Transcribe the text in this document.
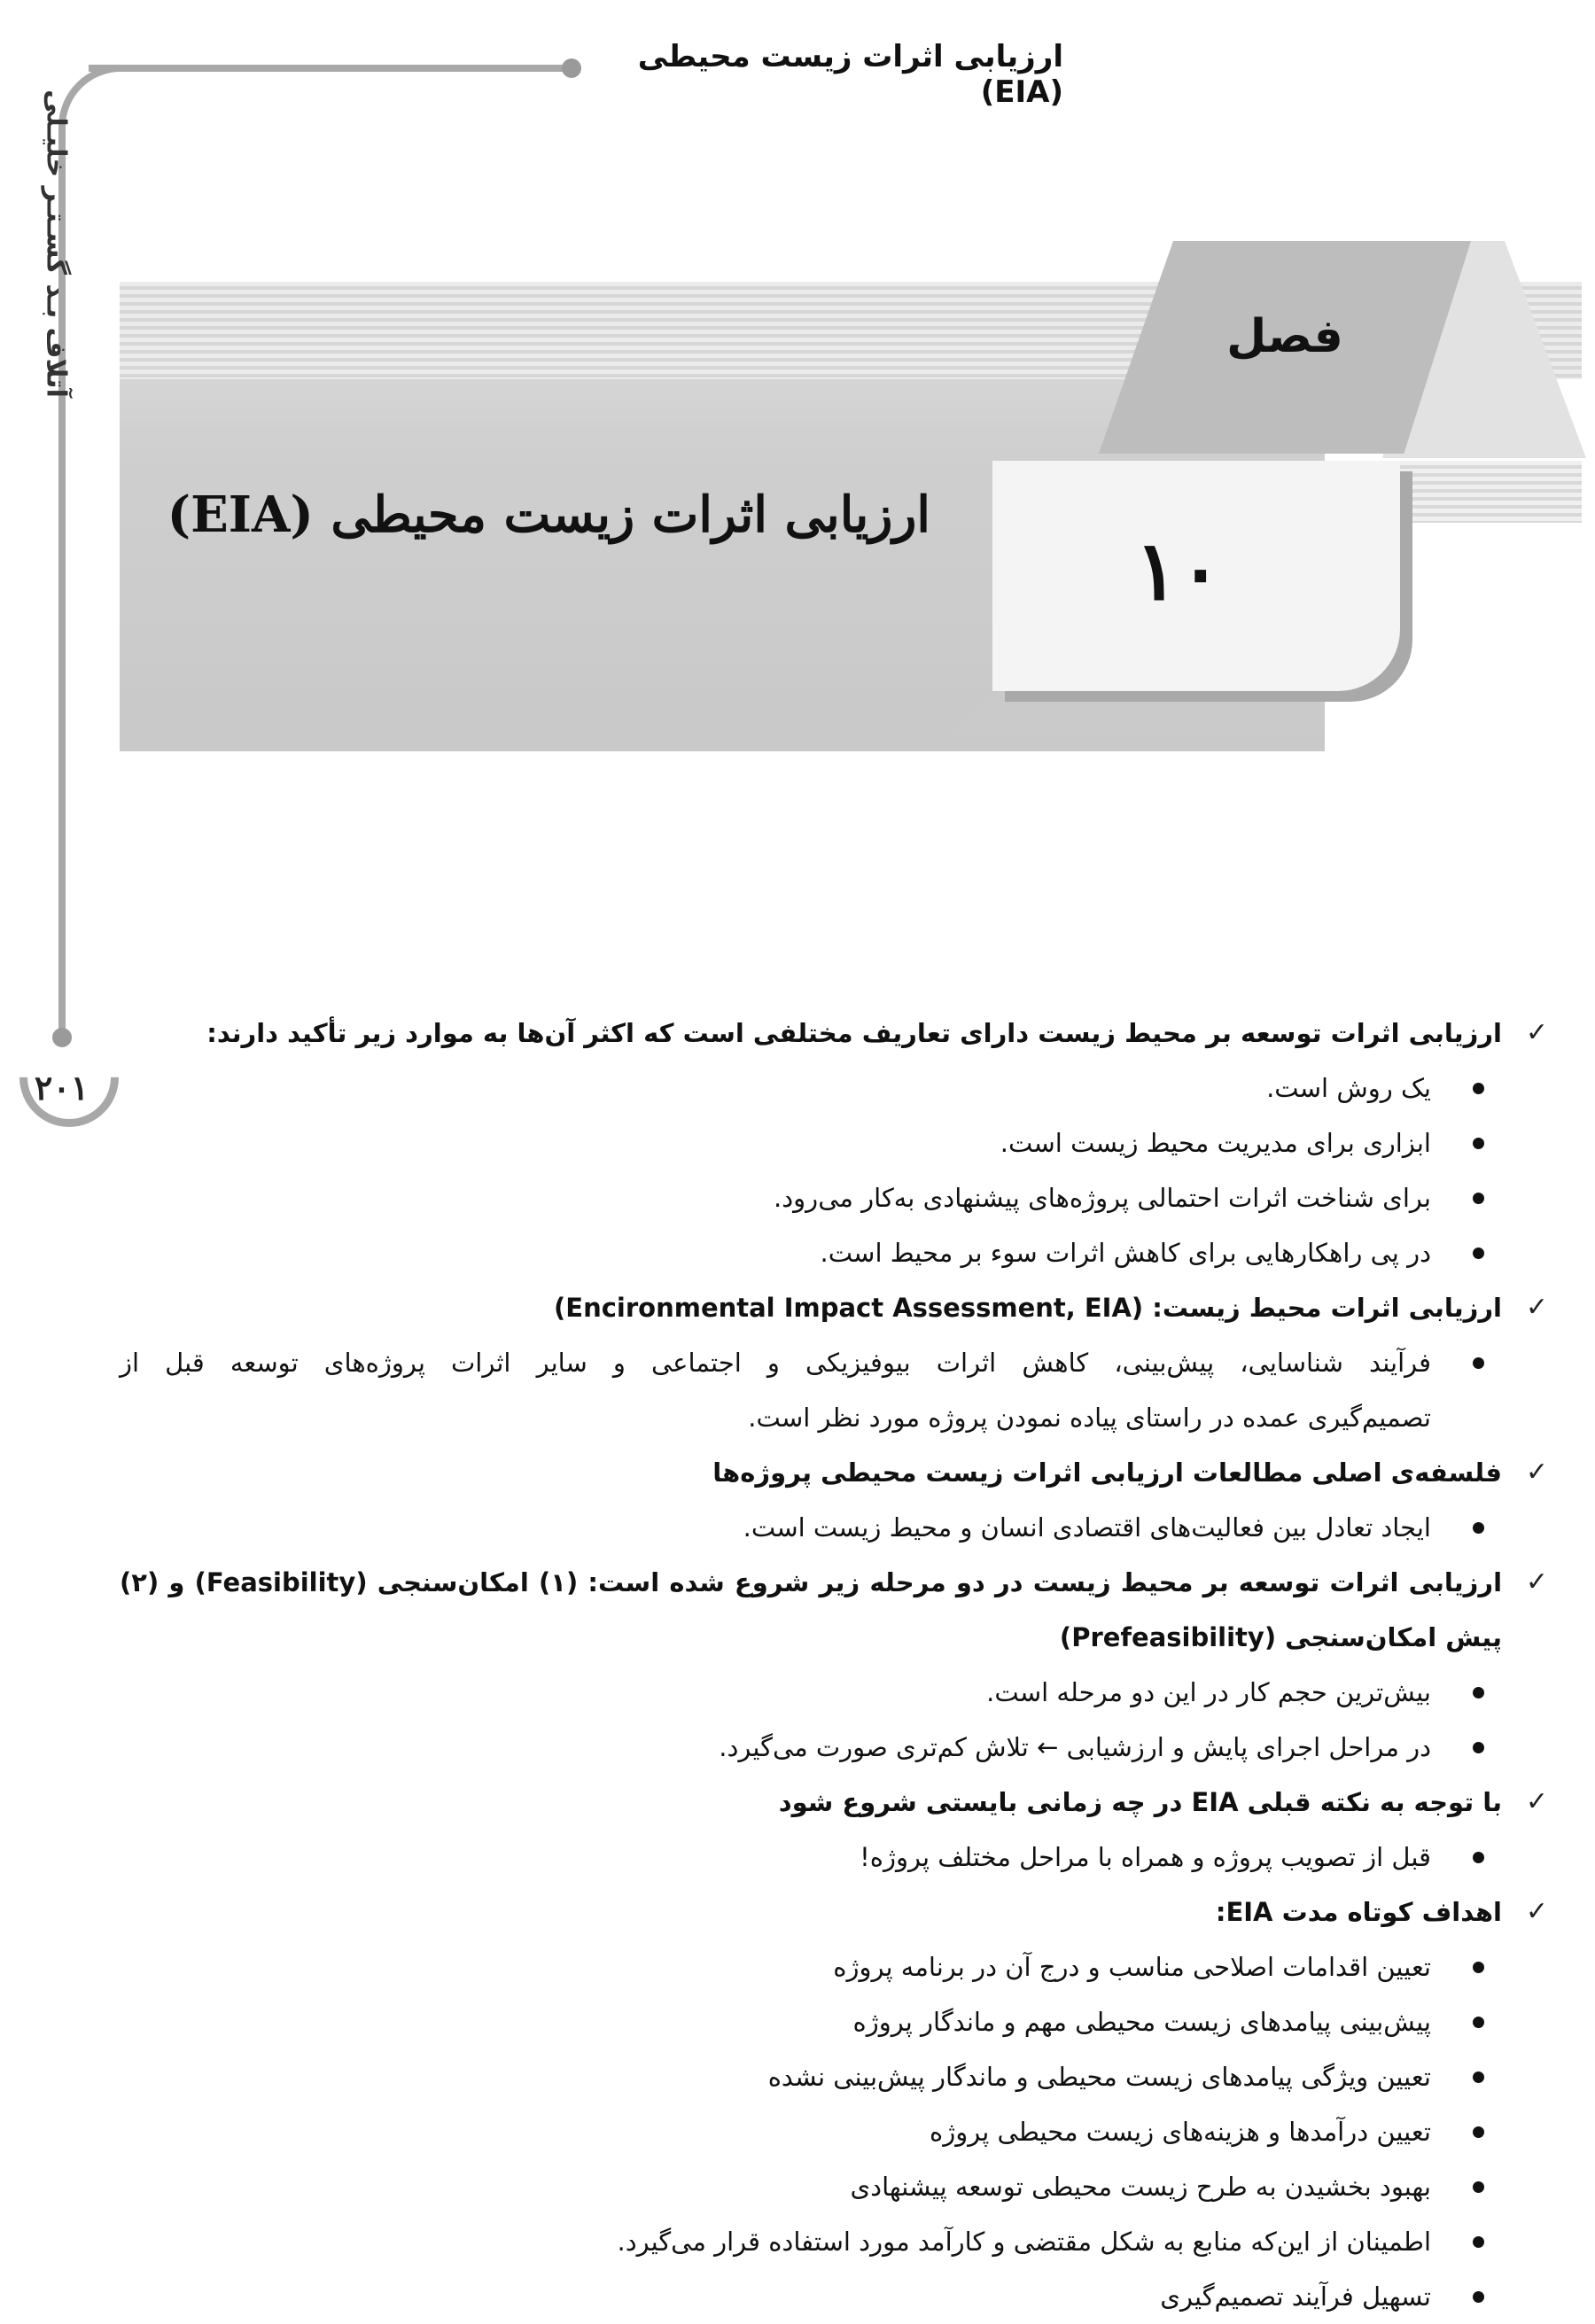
۲۰۱
آتلاف بـد گسـتـر خلیـلی
ارزیابی اثرات زیست محیطی (EIA)
فصل
۱۰
ارزیابی اثرات زیست محیطی (EIA)
✓
ارزیابی اثرات توسعه بر محیط زیست دارای تعاریف مختلفی است که اکثر آن‌ها به موارد زیر تأکید دارند:
یک روش است.
ابزاری برای مدیریت محیط زیست است.
برای شناخت اثرات احتمالی پروژه‌های پیشنهادی به‌کار می‌رود.
در پی راهکارهایی برای کاهش اثرات سوء بر محیط است.
✓
ارزیابی اثرات محیط زیست: (Encironmental Impact Assessment, EIA)
فرآیند شناسایی، پیش‌بینی، کاهش اثرات بیوفیزیکی و اجتماعی و سایر اثرات پروژه‌های توسعه قبل از
تصمیم‌گیری عمده در راستای پیاده نمودن پروژه مورد نظر است.
✓
فلسفه‌ی اصلی مطالعات ارزیابی اثرات زیست محیطی پروژه‌ها
ایجاد تعادل بین فعالیت‌های اقتصادی انسان و محیط زیست است.
✓
ارزیابی اثرات توسعه بر محیط زیست در دو مرحله زیر شروع شده است: (۱) امکان‌سنجی (Feasibility) و (۲)
پیش امکان‌سنجی (Prefeasibility)
بیش‌ترین حجم کار در این دو مرحله است.
در مراحل اجرای پایش و ارزشیابی ← تلاش کم‌تری صورت می‌گیرد.
✓
با توجه به نکته قبلی EIA در چه زمانی بایستی شروع شود
قبل از تصویب پروژه و همراه با مراحل مختلف پروژه!
✓
اهداف کوتاه مدت EIA:
تعیین اقدامات اصلاحی مناسب و درج آن در برنامه پروژه
پیش‌بینی پیامدهای زیست محیطی مهم و ماندگار پروژه
تعیین ویژگی پیامدهای زیست محیطی و ماندگار پیش‌بینی نشده
تعیین درآمدها و هزینه‌های زیست محیطی پروژه
بهبود بخشیدن به طرح زیست محیطی توسعه پیشنهادی
اطمینان از این‌که منابع به شکل مقتضی و کارآمد مورد استفاده قرار می‌گیرد.
تسهیل فرآیند تصمیم‌گیری
